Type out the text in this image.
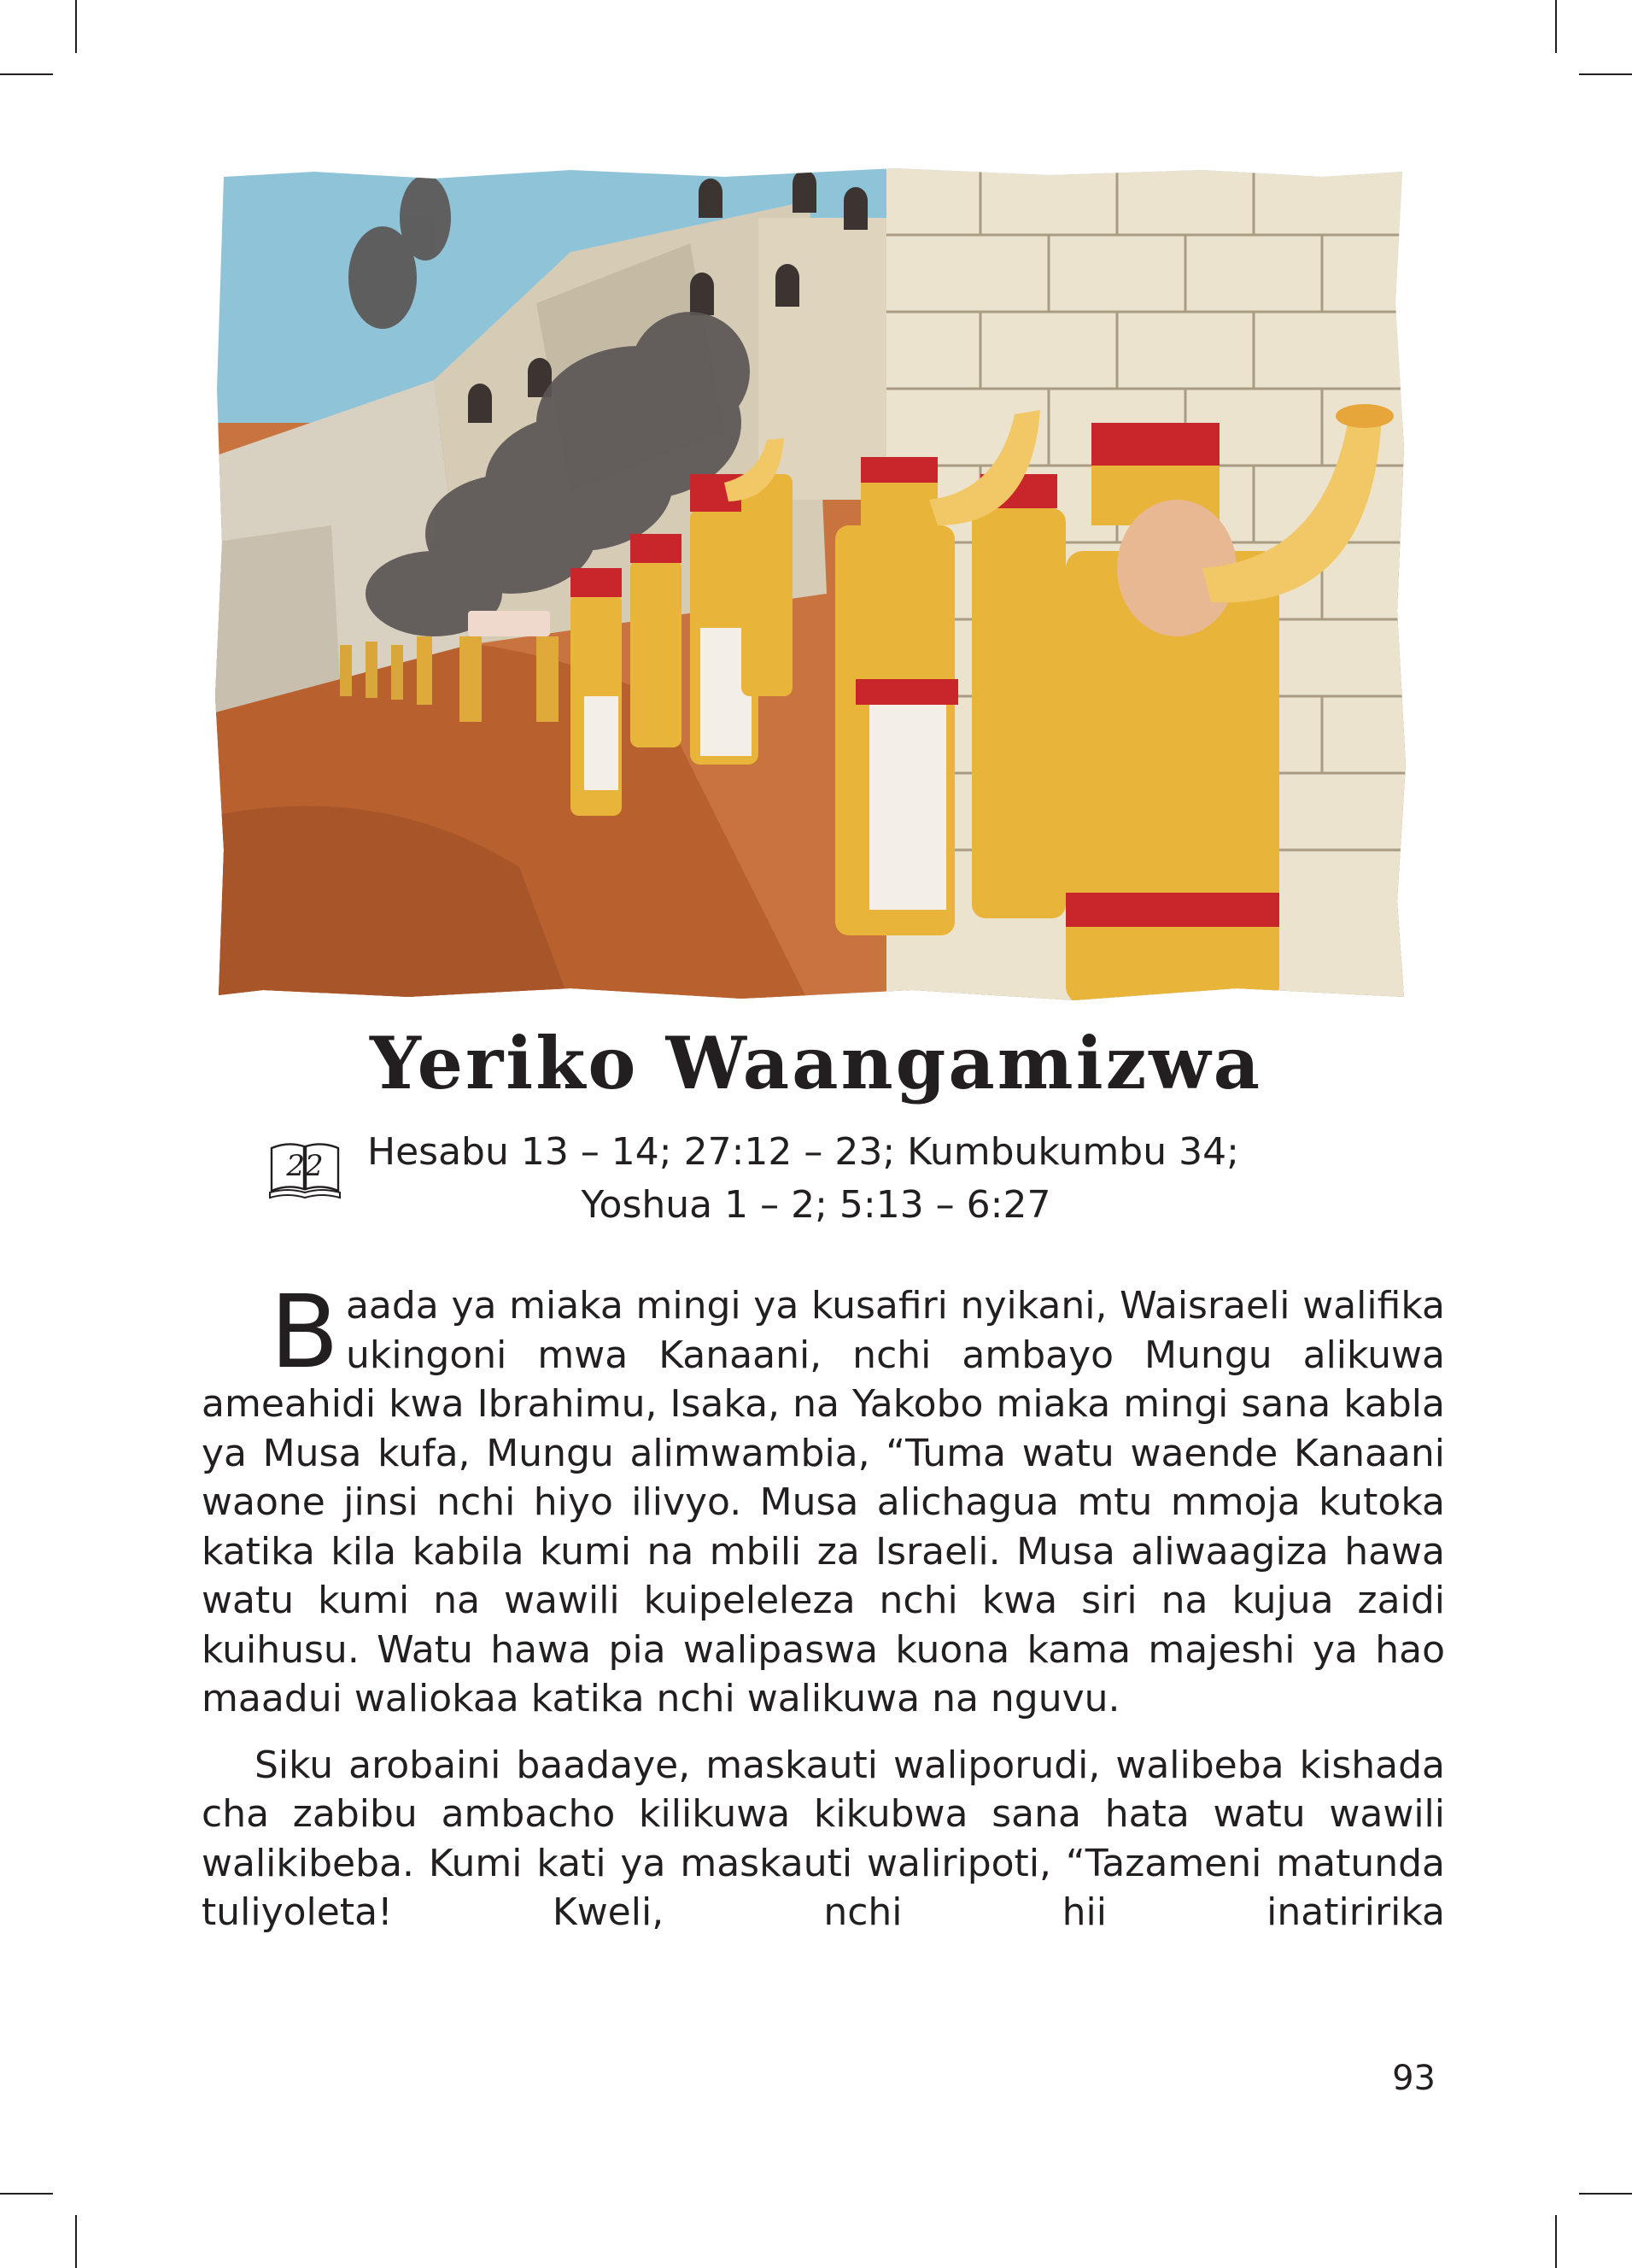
Yeriko Waangamizwa
22 Hesabu 13 – 14; 27:12 – 23; Kumbukumbu 34;
Yoshua 1 – 2; 5:13 – 6:27

Baada ya miaka mingi ya kusafiri nyikani, Waisraeli walifika ukingoni mwa Kanaani, nchi ambayo Mungu alikuwa ameahidi kwa Ibrahimu, Isaka, na Yakobo miaka mingi sana kabla ya Musa kufa, Mungu alimwambia, “Tuma watu waende Kanaani waone jinsi nchi hiyo ilivyo. Musa alichagua mtu mmoja kutoka katika kila kabila kumi na mbili za Israeli. Musa aliwaagiza hawa watu kumi na wawili kuipeleleza nchi kwa siri na kujua zaidi kuihusu. Watu hawa pia walipaswa kuona kama majeshi ya hao maadui waliokaa katika nchi walikuwa na nguvu.

Siku arobaini baadaye, maskauti waliporudi, walibeba kishada cha zabibu ambacho kilikuwa kikubwa sana hata watu wawili walikibeba. Kumi kati ya maskauti waliripoti, “Tazameni matunda tuliyoleta! Kweli, nchi hii inatiririka

93
